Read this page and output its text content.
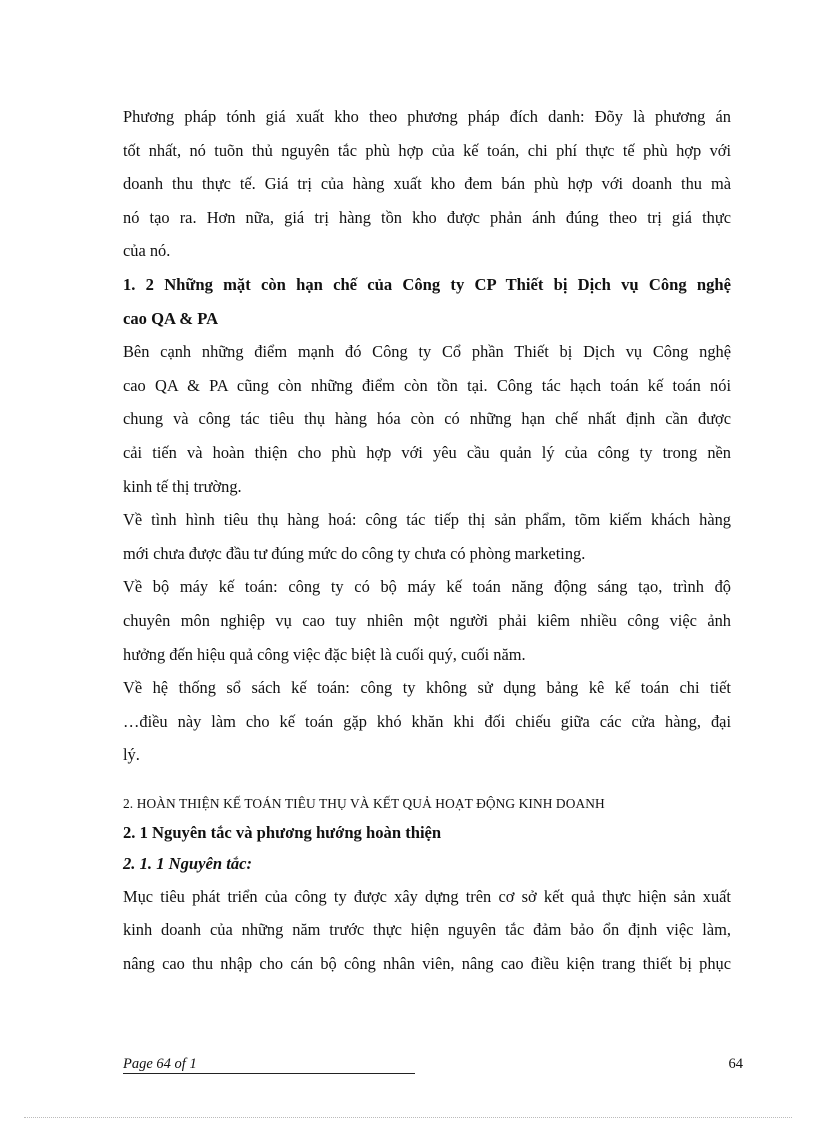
Phương pháp tónh giá xuất kho theo phương pháp đích danh: Đõy là phương án

tốt nhất, nó tuõn thủ nguyên tắc phù hợp của kế toán, chi phí thực tế phù hợp với

doanh thu thực tế. Giá trị của hàng xuất kho đem bán phù hợp với doanh thu mà

nó tạo ra. Hơn nữa, giá trị hàng tồn kho được phản ánh đúng theo trị giá thực

của nó.

1. 2 Những mặt còn hạn chế của Công ty CP Thiết bị Dịch vụ Công nghệ

cao QA & PA

Bên cạnh những điểm mạnh đó Công ty Cổ phần Thiết bị Dịch vụ Công nghệ

cao QA & PA cũng còn những điểm còn tồn tại. Công tác hạch toán kế toán nói

chung và công tác tiêu thụ hàng hóa còn có những hạn chế nhất định cần được

cải tiến và hoàn thiện cho phù hợp với yêu cầu quản lý của công ty trong nền

kinh tế thị trường.

Về tình hình tiêu thụ hàng hoá: công tác tiếp thị sản phẩm, tõm kiếm khách hàng

mới chưa được đầu tư đúng mức do công ty chưa có phòng marketing.

Về bộ máy kế toán: công ty có bộ máy kế toán năng động sáng tạo, trình độ

chuyên môn nghiệp vụ cao tuy nhiên một người phải kiêm nhiều công việc ảnh

hưởng đến hiệu quả công việc đặc biệt là cuối quý, cuối năm.

Về hệ thống sổ sách kế toán: công ty không sử dụng bảng kê kế toán chi tiết

…điều này làm cho kế toán gặp khó khăn khi đối chiếu giữa các cửa hàng, đại

lý.

2. HOÀN THIỆN KẾ TOÁN TIÊU THỤ VÀ KẾT QUẢ HOẠT ĐỘNG KINH DOANH

2. 1 Nguyên tắc và phương hướng hoàn thiện

2. 1. 1 Nguyên tắc:

Mục tiêu phát triển của công ty được xây dựng trên cơ sở kết quả thực hiện sản xuất

kinh doanh của những năm trước thực hiện nguyên tắc đảm bảo ổn định việc làm,

nâng cao thu nhập cho cán bộ công nhân viên, nâng cao điều kiện trang thiết bị phục

Page 64 of 1	64
